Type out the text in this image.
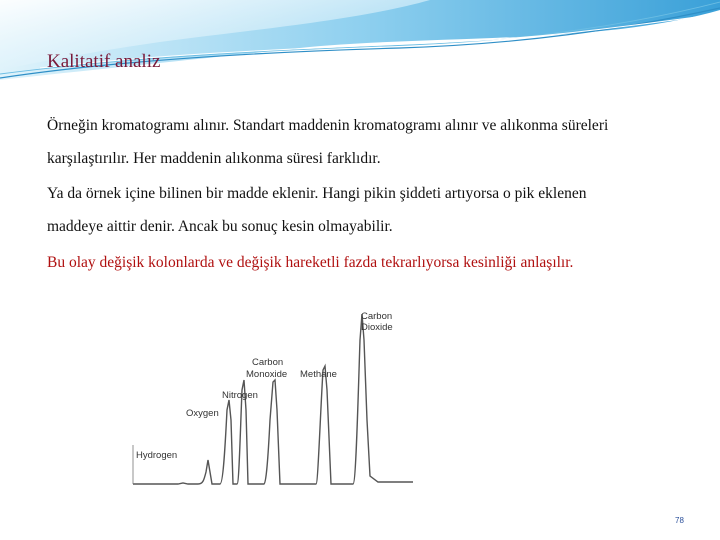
Kalitatif analiz
Örneğin kromatogramı alınır. Standart maddenin kromatogramı alınır ve alıkonma süreleri
karşılaştırılır. Her maddenin alıkonma süresi farklıdır.
Ya da örnek içine bilinen bir madde eklenir. Hangi pikin şiddeti artıyorsa o pik eklenen
maddeye aittir denir. Ancak bu sonuç kesin olmayabilir.
Bu olay değişik kolonlarda ve değişik hareketli fazda tekrarlıyorsa kesinliği anlaşılır.
Hydrogen
Oxygen
Nitrogen
Carbon
Monoxide Methane
Carbon
Dioxide
78
